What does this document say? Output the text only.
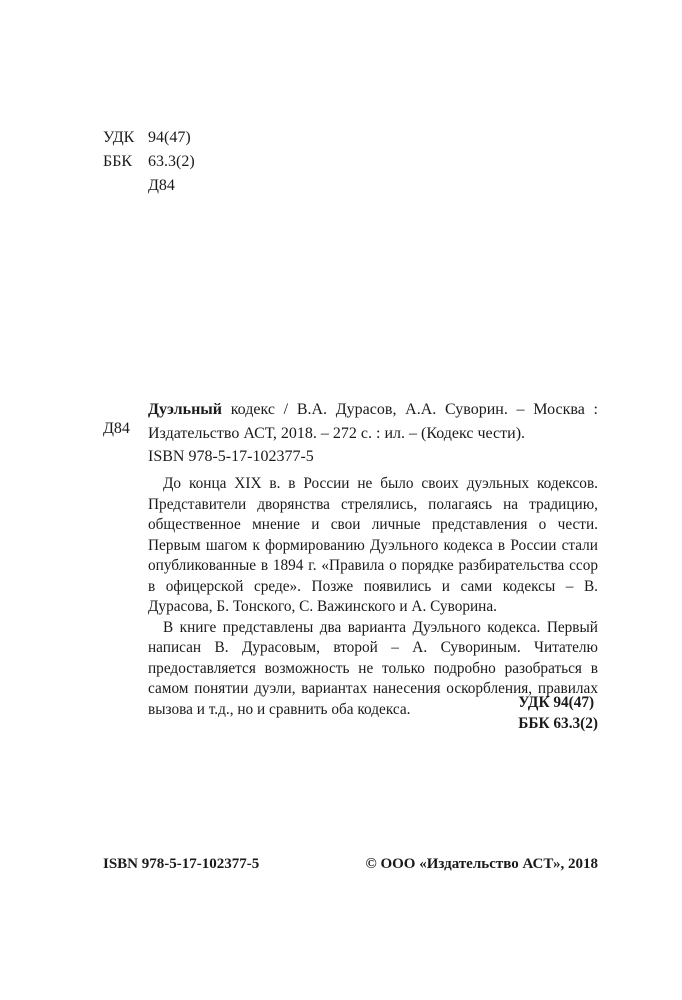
УДК 94(47)
ББК 63.3(2)
Д84
Д84
Дуэльный кодекс / В.А. Дурасов, А.А. Суворин. – Москва :
Издательство АСТ, 2018. – 272 с. : ил. – (Кодекс чести).
ISBN 978-5-17-102377-5

До конца XIX в. в России не было своих дуэльных кодексов. Представители дворянства стрелялись, полагаясь на традицию, общественное мнение и свои личные представления о чести. Первым шагом к формированию Дуэльного кодекса в России стали опубликованные в 1894 г. «Правила о порядке разбирательства ссор в офицерской среде». Позже появились и сами кодексы – В. Дурасова, Б. Тонского, С. Важинского и А. Суворина.

В книге представлены два варианта Дуэльного кодекса. Первый написан В. Дурасовым, второй – А. Сувориным. Читателю предоставляется возможность не только подробно разобраться в самом понятии дуэли, вариантах нанесения оскорбления, правилах вызова и т.д., но и сравнить оба кодекса.	УДК 94(47)
ББК 63.3(2)
ISBN 978-5-17-102377-5	© ООО «Издательство АСТ», 2018
